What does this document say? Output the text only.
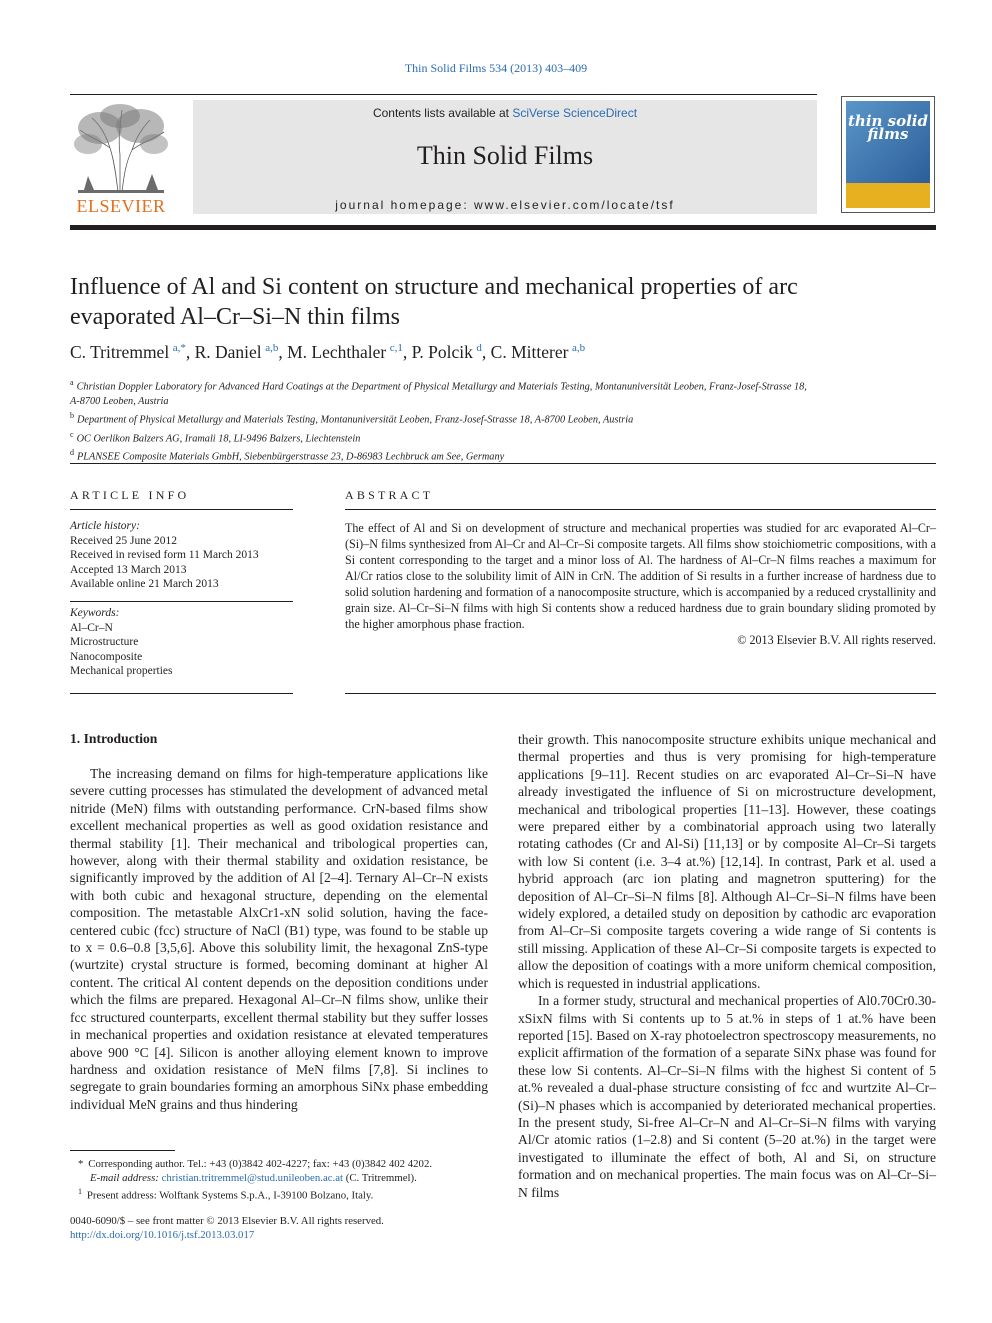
Thin Solid Films 534 (2013) 403–409
ELSEVIER
Contents lists available at SciVerse ScienceDirect
Thin Solid Films
journal homepage: www.elsevier.com/locate/tsf
thin solid films
Influence of Al and Si content on structure and mechanical properties of arc
evaporated Al–Cr–Si–N thin films
C. Tritremmel  $^{a,*}$, R. Daniel  $^{a,b}$, M. Lechthaler  $^{c,1}$, P. Polcik  $^d$, C. Mitterer  $^{a,b}$
$^a$ Christian Doppler Laboratory for Advanced Hard Coatings at the Department of Physical Metallurgy and Materials Testing, Montanuniversität Leoben, Franz-Josef-Strasse 18,
A-8700 Leoben, Austria
$^b$ Department of Physical Metallurgy and Materials Testing, Montanuniversität Leoben, Franz-Josef-Strasse 18, A-8700 Leoben, Austria
$^c$ OC Oerlikon Balzers AG, Iramali 18, LI-9496 Balzers, Liechtenstein
$^d$ PLANSEE Composite Materials GmbH, Siebenbürgerstrasse 23, D-86983 Lechbruck am See, Germany
ARTICLE INFO
Article history:
Received 25 June 2012
Received in revised form 11 March 2013
Accepted 13 March 2013
Available online 21 March 2013
Keywords:
Al–Cr–N
Microstructure
Nanocomposite
Mechanical properties
ABSTRACT
The effect of Al and Si on development of structure and mechanical properties was studied for arc evaporated Al–Cr–(Si)–N films synthesized from Al–Cr and Al–Cr–Si composite targets. All films show stoichiometric compositions, with a Si content corresponding to the target and a minor loss of Al. The hardness of Al–Cr–N films reaches a maximum for Al/Cr ratios close to the solubility limit of AlN in CrN. The addition of Si results in a further increase of hardness due to solid solution hardening and formation of a nanocomposite structure, which is accompanied by a reduced crystallinity and grain size. Al–Cr–Si–N films with high Si contents show a reduced hardness due to grain boundary sliding promoted by the higher amorphous phase fraction.
© 2013 Elsevier B.V. All rights reserved.
1. Introduction

The increasing demand on films for high-temperature applications like severe cutting processes has stimulated the development of advanced metal nitride (MeN) films with outstanding performance. CrN-based films show excellent mechanical properties as well as good oxidation resistance and thermal stability [1]. Their mechanical and tribological properties can, however, along with their thermal stability and oxidation resistance, be significantly improved by the addition of Al [2–4]. Ternary Al–Cr–N exists with both cubic and hexagonal structure, depending on the elemental composition. The metastable AlxCr1-xN solid solution, having the face-centered cubic (fcc) structure of NaCl (B1) type, was found to be stable up to x = 0.6–0.8 [3,5,6]. Above this solubility limit, the hexagonal ZnS-type (wurtzite) crystal structure is formed, becoming dominant at higher Al content. The critical Al content depends on the deposition conditions under which the films are prepared. Hexagonal Al–Cr–N films show, unlike their fcc structured counterparts, excellent thermal stability but they suffer losses in mechanical properties and oxidation resistance at elevated temperatures above 900 °C [4]. Silicon is another alloying element known to improve hardness and oxidation resistance of MeN films [7,8]. Si inclines to segregate to grain boundaries forming an amorphous SiNx phase embedding individual MeN grains and thus hindering

their growth. This nanocomposite structure exhibits unique mechanical and thermal properties and thus is very promising for high-temperature applications [9–11]. Recent studies on arc evaporated Al–Cr–Si–N have already investigated the influence of Si on microstructure development, mechanical and tribological properties [11–13]. However, these coatings were prepared either by a combinatorial approach using two laterally rotating cathodes (Cr and Al-Si) [11,13] or by composite Al–Cr–Si targets with low Si content (i.e. 3–4 at.%) [12,14]. In contrast, Park et al. used a hybrid approach (arc ion plating and magnetron sputtering) for the deposition of Al–Cr–Si–N films [8]. Although Al–Cr–Si–N films have been widely explored, a detailed study on deposition by cathodic arc evaporation from Al–Cr–Si composite targets covering a wide range of Si contents is still missing. Application of these Al–Cr–Si composite targets is expected to allow the deposition of coatings with a more uniform chemical composition, which is requested in industrial applications.

In a former study, structural and mechanical properties of Al0.70Cr0.30-xSixN films with Si contents up to 5 at.% in steps of 1 at.% have been reported [15]. Based on X-ray photoelectron spectroscopy measurements, no explicit affirmation of the formation of a separate SiNx phase was found for these low Si contents. Al–Cr–Si–N films with the highest Si content of 5 at.% revealed a dual-phase structure consisting of fcc and wurtzite Al–Cr–(Si)–N phases which is accompanied by deteriorated mechanical properties. In the present study, Si-free Al–Cr–N and Al–Cr–Si–N films with varying Al/Cr atomic ratios (1–2.8) and Si content (5–20 at.%) in the target were investigated to illuminate the effect of both, Al and Si, on structure formation and on mechanical properties. The main focus was on Al–Cr–Si–N films

*  Corresponding author. Tel.: +43 (0)3842 402-4227; fax: +43 (0)3842 402 4202.
E-mail address: christian.tritremmel@stud.unileoben.ac.at (C. Tritremmel).
$^1$   Present address: Wolftank Systems S.p.A., I-39100 Bolzano, Italy.
0040-6090/$ – see front matter © 2013 Elsevier B.V. All rights reserved.
http://dx.doi.org/10.1016/j.tsf.2013.03.017
